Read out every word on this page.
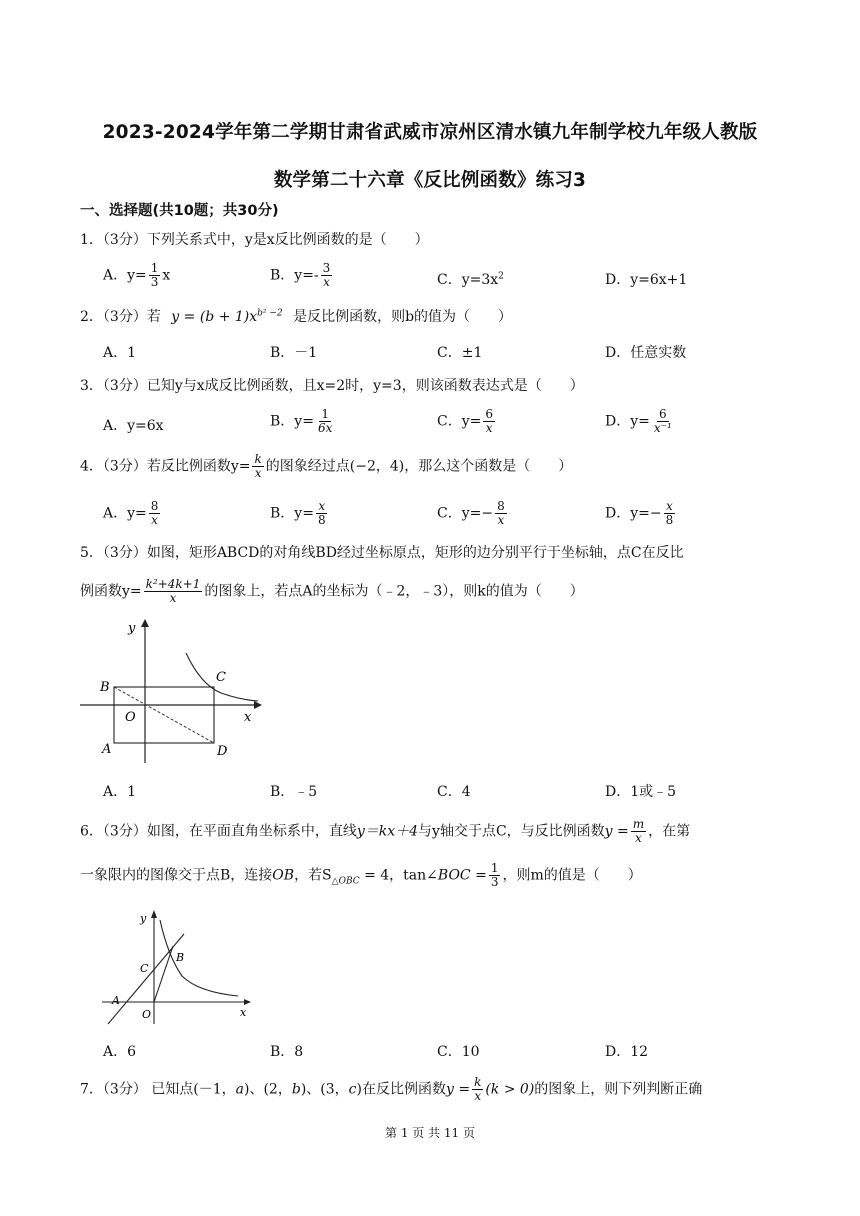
2023-2024学年第二学期甘肃省武威市凉州区清水镇九年制学校九年级人教版
数学第二十六章《反比例函数》练习3
一、选择题(共10题；共30分)
1．（3分）下列关系式中，y是x反比例函数的是（　　）
A．$y= \frac{1}{3}$ x	B．$y=- \frac{3}{x}$	C．$y=3x^2$	D．y=6x+1
2．（3分）若 $y = (b + 1)x^{b^2 -2}$ 是反比例函数，则b的值为（　　）
A．1	B．－1	C．±1	D．任意实数
3．（3分）已知y与x成反比例函数，且x=2时，y=3，则该函数表达式是（　　）
A．y=6x	B．$y= \frac{1}{6x}$	C．$y= \frac{6}{x}$	D．$y= \frac{6}{\text{x⁻¹}}$
4．（3分）若反比例函数$y= \frac{k}{x}$ 的图象经过点(−2，4)，那么这个函数是（　　）
A．$y= \frac{8}{x}$	B．$y= \frac{x}{8}$	C．$y=- \frac{8}{x}$	D．$y=- \frac{x}{8}$
5．（3分）如图，矩形ABCD的对角线BD经过坐标原点，矩形的边分别平行于坐标轴，点C在反比
例函数$y= \frac{\text{k²+4k+1}}{x}$ 的图象上，若点A的坐标为（﹣2，﹣3），则k的值为（　　）
y
x
B
C
O
A	D
A．1	B．﹣5	C．4	D．1或﹣5
6．（3分）如图，在平面直角坐标系中，直线y＝kx＋4与y轴交于点C，与反比例函数$y = \frac{m}{x}$ ，在第
一象限内的图像交于点B，连接OB，若$S_{\triangle OBC} = 4$，tan∠BOC = $\frac{1}{3}$ ，则m的值是（　　）
y
x
C
B
A
O
A．6	B．8	C．10	D．12
7．（3分） 已知点(－1，a)、(2，b)、(3，c)在反比例函数$y = \frac{k}{x} (k > 0)$的图象上，则下列判断正确
第 1 页 共 11 页
